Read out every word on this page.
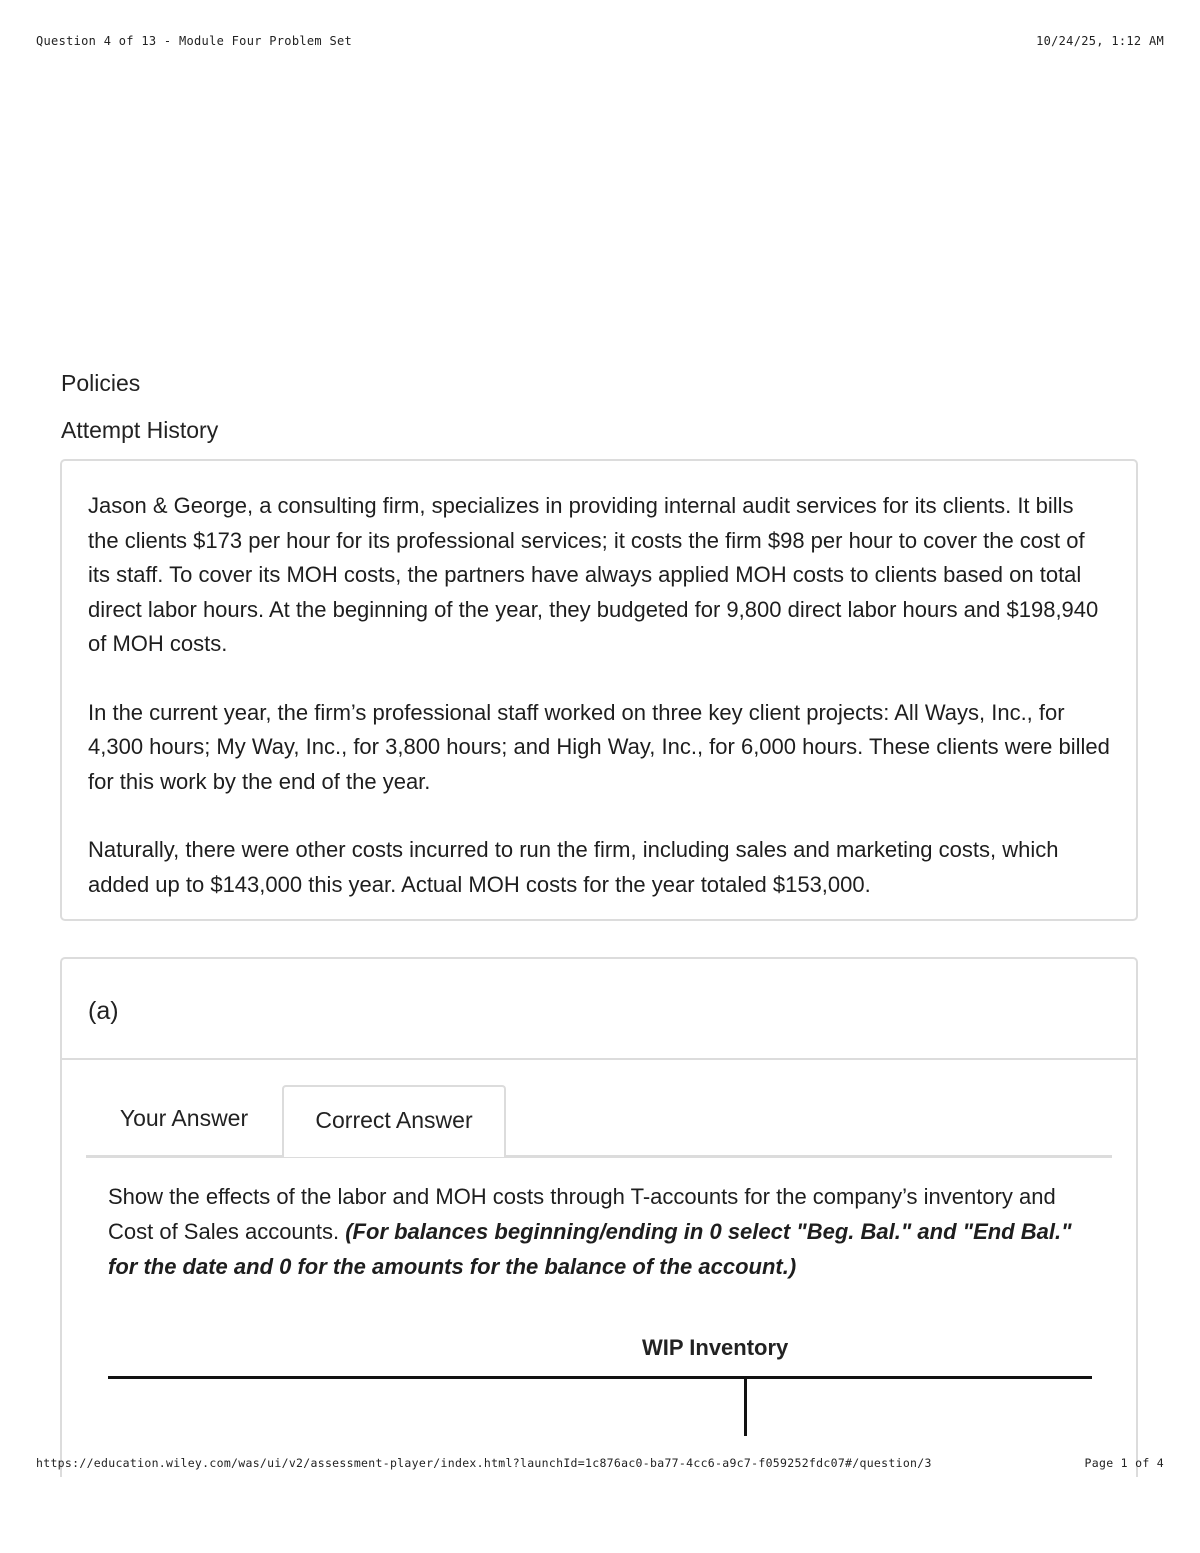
Question 4 of 13 - Module Four Problem Set	10/24/25, 1:12 AM
Policies
Attempt History

Jason & George, a consulting firm, specializes in providing internal audit services for its clients. It bills the clients $173 per hour for its professional services; it costs the firm $98 per hour to cover the cost of its staff. To cover its MOH costs, the partners have always applied MOH costs to clients based on total direct labor hours. At the beginning of the year, they budgeted for 9,800 direct labor hours and $198,940 of MOH costs.

In the current year, the firm’s professional staff worked on three key client projects: All Ways, Inc., for 4,300 hours; My Way, Inc., for 3,800 hours; and High Way, Inc., for 6,000 hours. These clients were billed for this work by the end of the year.

Naturally, there were other costs incurred to run the firm, including sales and marketing costs, which added up to $143,000 this year. Actual MOH costs for the year totaled $153,000.

(a)
Your Answer	Correct Answer
Show the effects of the labor and MOH costs through T-accounts for the company’s inventory and Cost of Sales accounts. (For balances beginning/ending in 0 select "Beg. Bal." and "End Bal." for the date and 0 for the amounts for the balance of the account.)
WIP Inventory
https://education.wiley.com/was/ui/v2/assessment-player/index.html?launchId=1c876ac0-ba77-4cc6-a9c7-f059252fdc07#/question/3	Page 1 of 4
